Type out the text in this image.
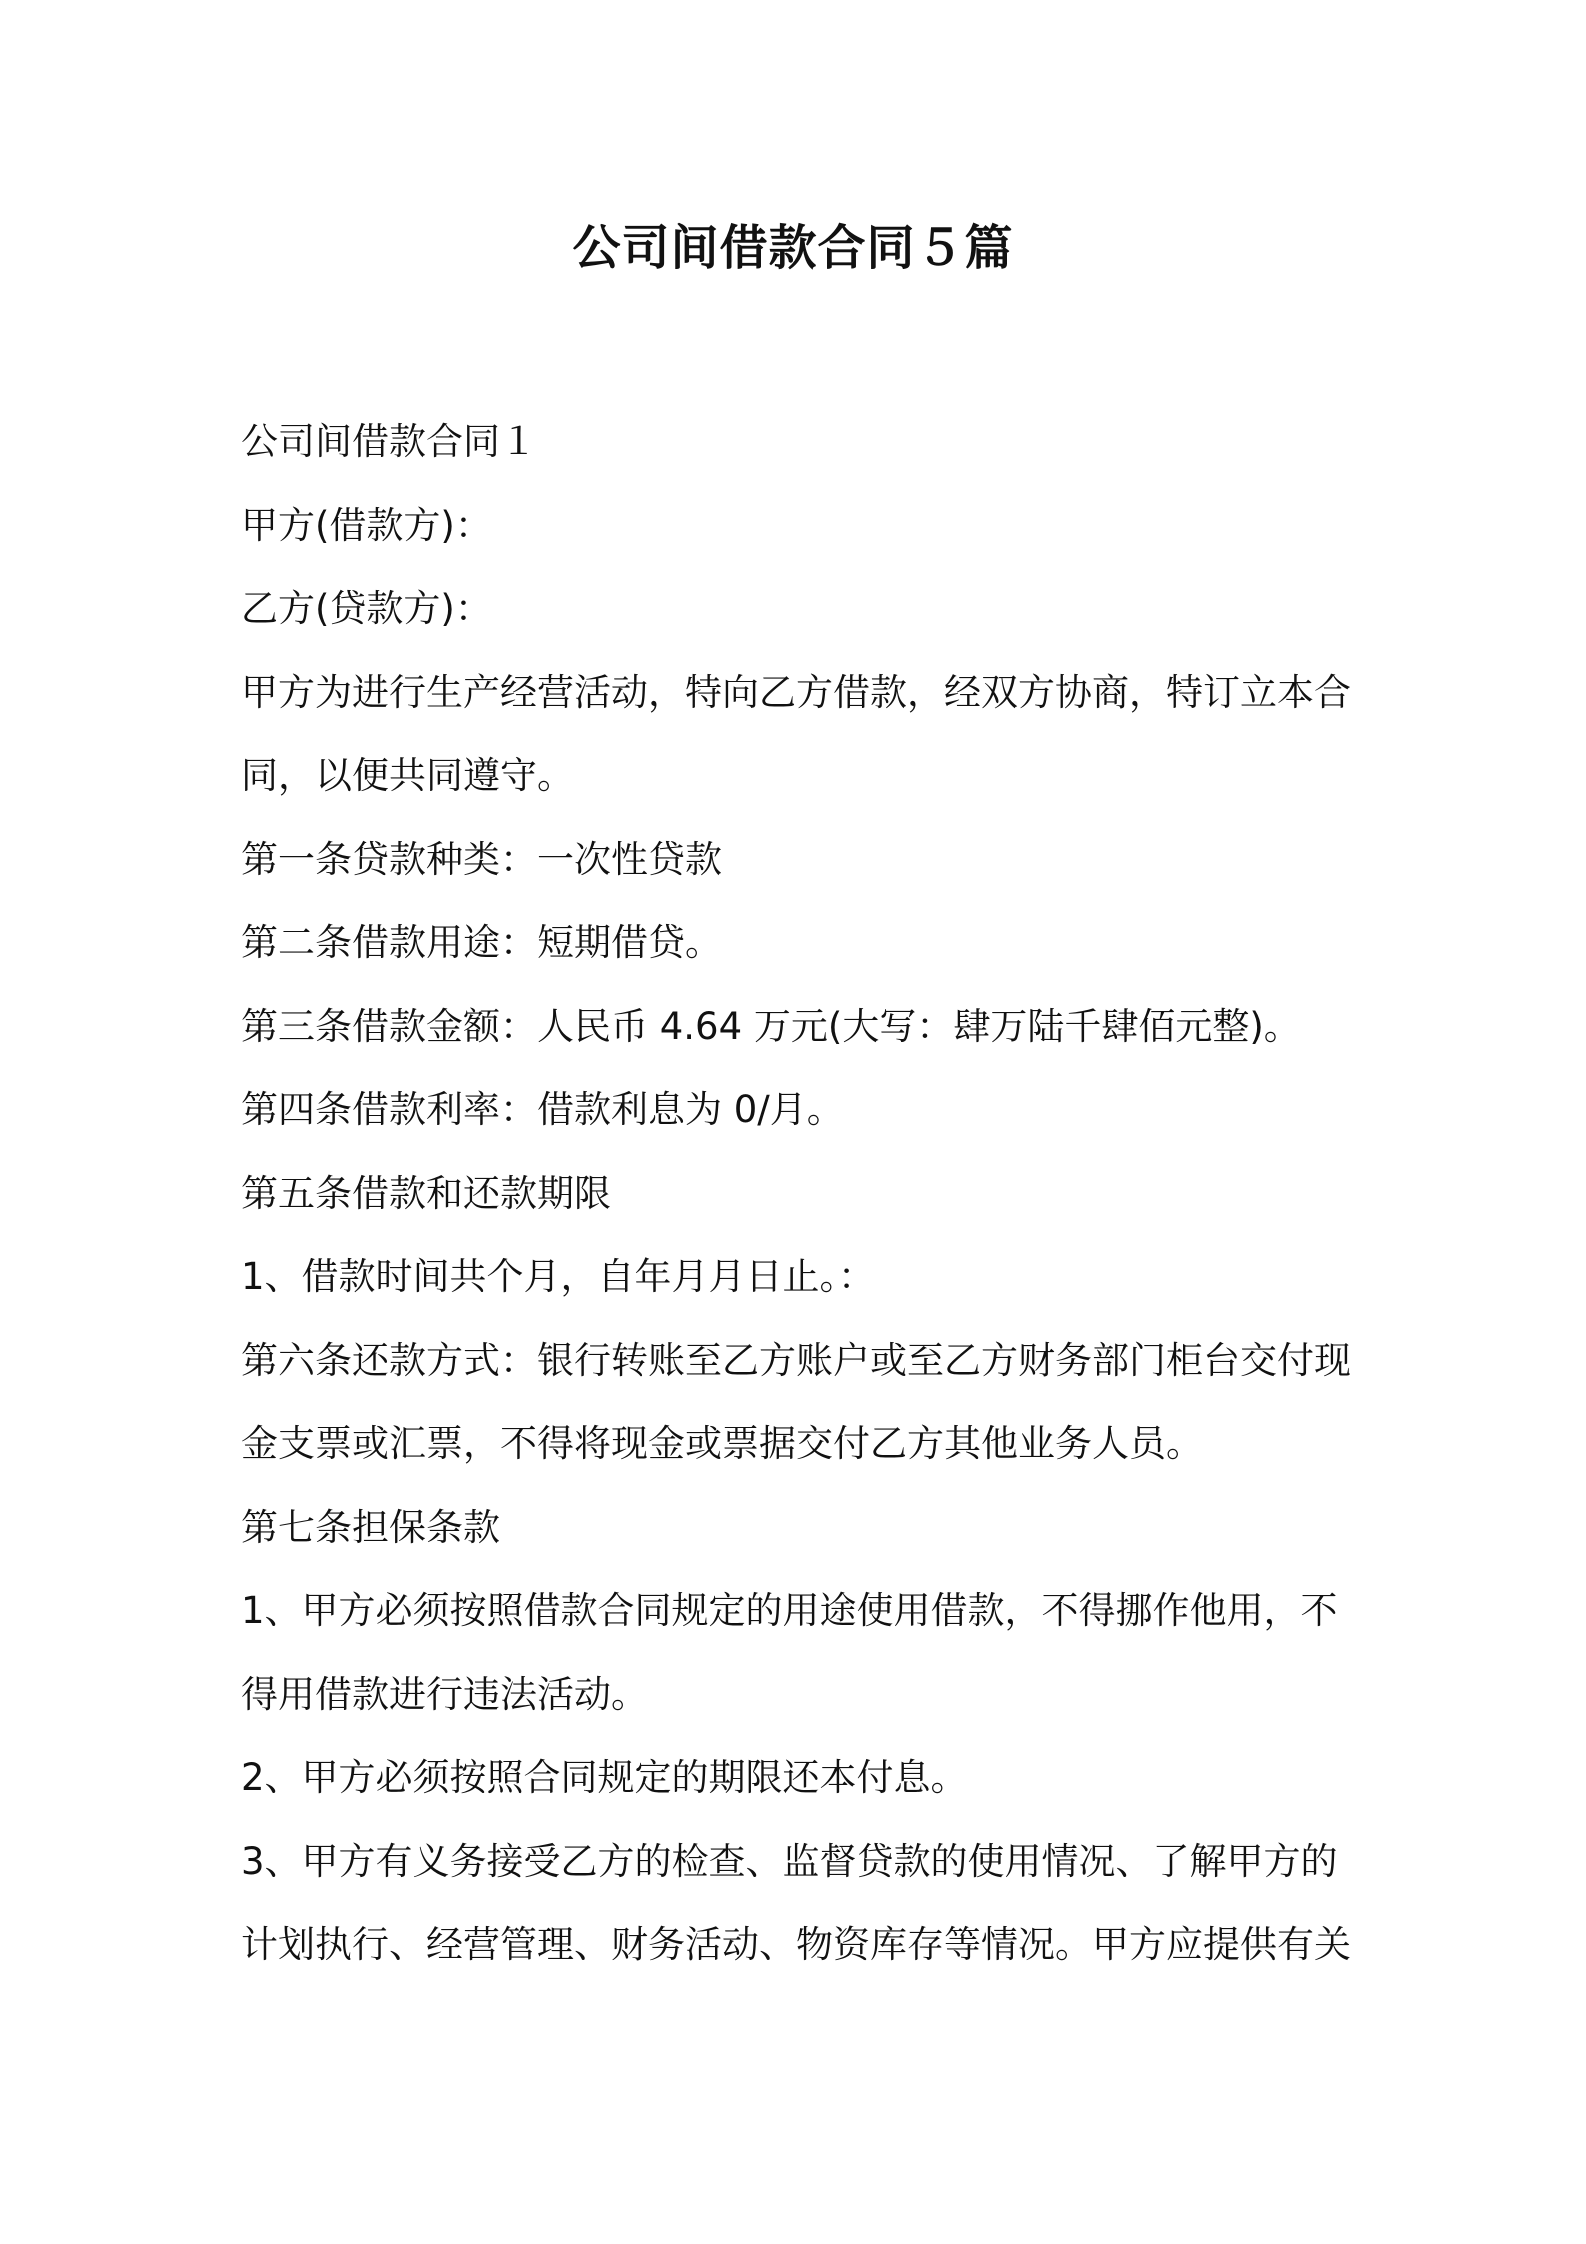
公司间借款合同５篇
公司间借款合同１
甲方(借款方)：
乙方(贷款方)：
甲方为进行生产经营活动，特向乙方借款，经双方协商，特订立本合
同，以便共同遵守。
第一条贷款种类：一次性贷款
第二条借款用途：短期借贷。
第三条借款金额：人民币 4.64 万元(大写：肆万陆千肆佰元整)。
第四条借款利率：借款利息为 0/月。
第五条借款和还款期限
1、借款时间共个月，自年月月日止。：
第六条还款方式：银行转账至乙方账户或至乙方财务部门柜台交付现
金支票或汇票，不得将现金或票据交付乙方其他业务人员。
第七条担保条款
1、甲方必须按照借款合同规定的用途使用借款，不得挪作他用，不
得用借款进行违法活动。
2、甲方必须按照合同规定的期限还本付息。
3、甲方有义务接受乙方的检查、监督贷款的使用情况、了解甲方的
计划执行、经营管理、财务活动、物资库存等情况。甲方应提供有关
